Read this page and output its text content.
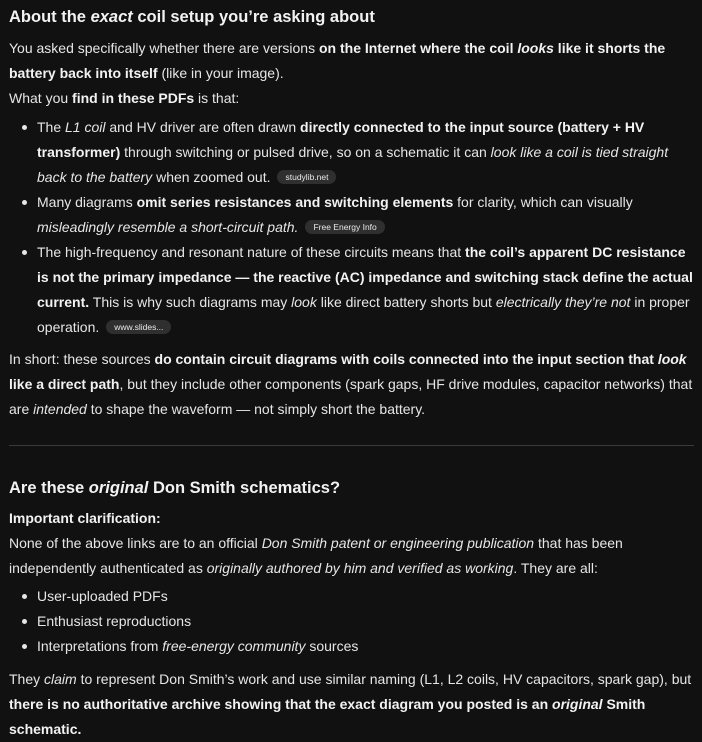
About the exact coil setup you’re asking about
You asked specifically whether there are versions on the Internet where the coil looks like it shorts the battery back into itself (like in your image).
What you find in these PDFs is that:
The L1 coil and HV driver are often drawn directly connected to the input source (battery + HV transformer) through switching or pulsed drive, so on a schematic it can look like a coil is tied straight back to the battery when zoomed out. studylib.net
Many diagrams omit series resistances and switching elements for clarity, which can visually misleadingly resemble a short-circuit path. Free Energy Info
The high-frequency and resonant nature of these circuits means that the coil’s apparent DC resistance is not the primary impedance — the reactive (AC) impedance and switching stack define the actual current. This is why such diagrams may look like direct battery shorts but electrically they’re not in proper operation. www.slides...
In short: these sources do contain circuit diagrams with coils connected into the input section that look like a direct path, but they include other components (spark gaps, HF drive modules, capacitor networks) that are intended to shape the waveform — not simply short the battery.
Are these original Don Smith schematics?
Important clarification:
None of the above links are to an official Don Smith patent or engineering publication that has been independently authenticated as originally authored by him and verified as working. They are all:
User-uploaded PDFs
Enthusiast reproductions
Interpretations from free-energy community sources
They claim to represent Don Smith’s work and use similar naming (L1, L2 coils, HV capacitors, spark gap), but there is no authoritative archive showing that the exact diagram you posted is an original Smith schematic.
